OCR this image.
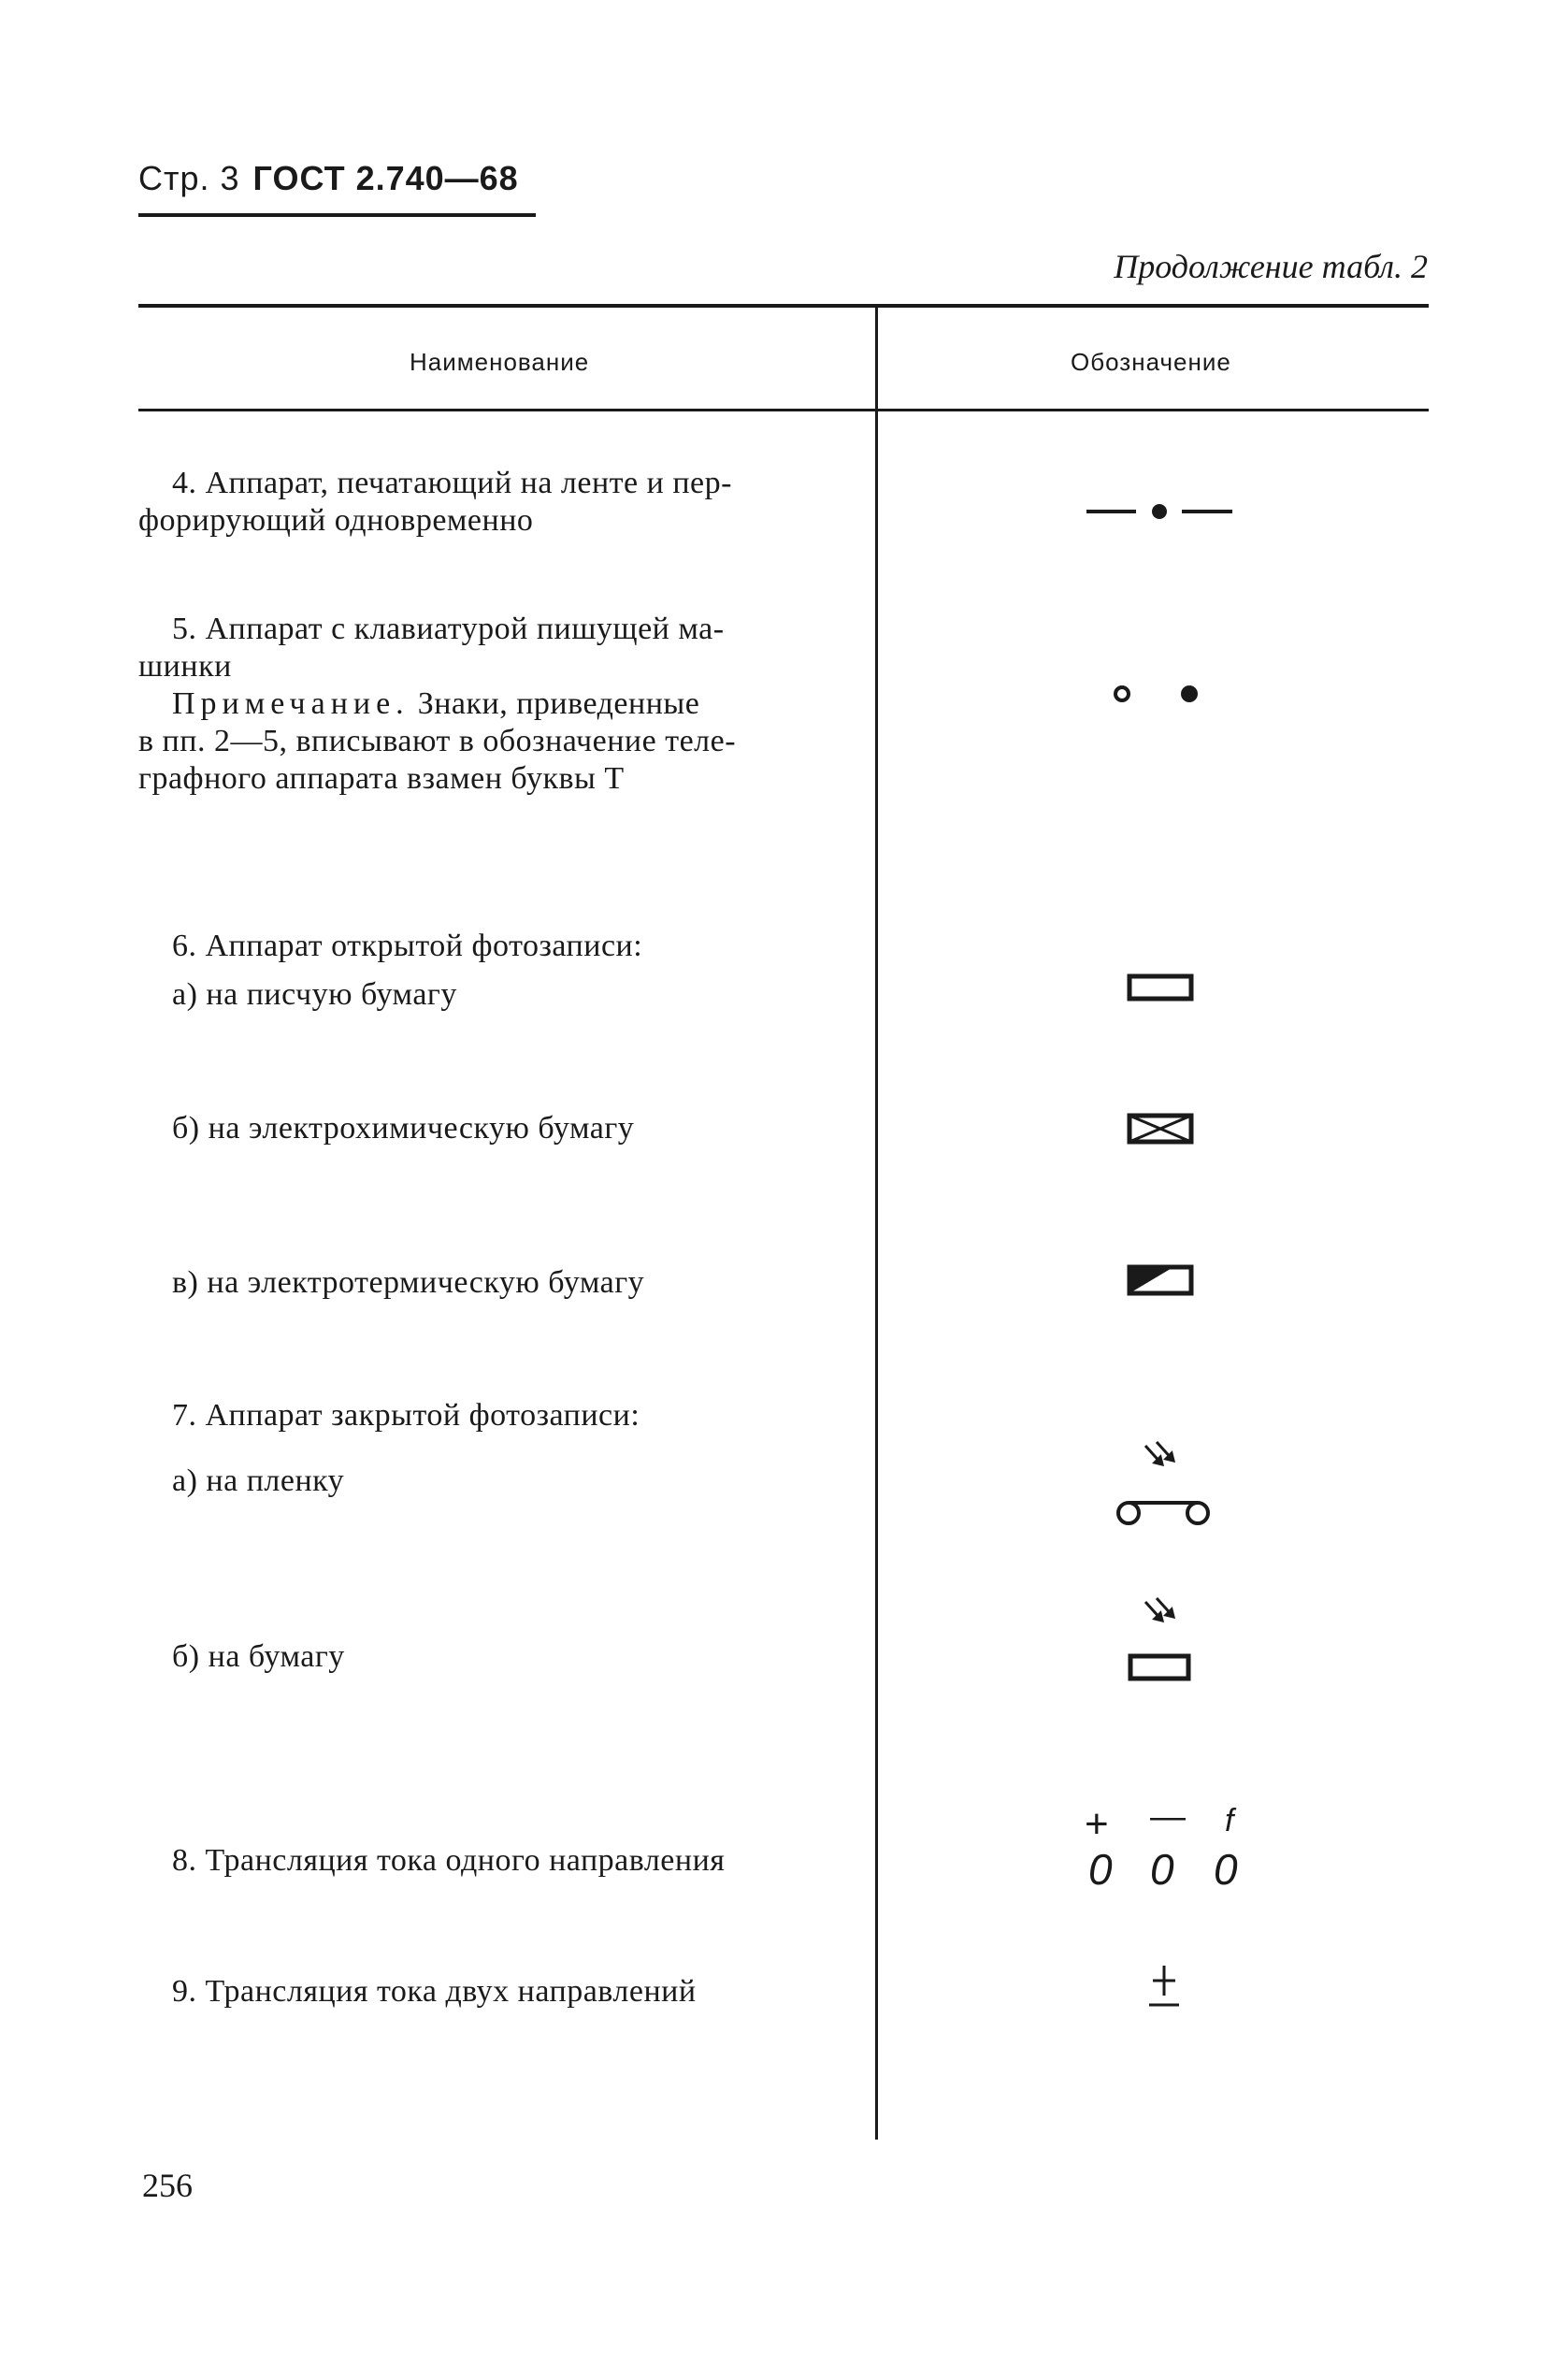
Стр. 3 ГОСТ 2.740—68
Продолжение табл. 2
Наименование	Обозначение
4. Аппарат, печатающий на ленте и пер-
форирующий одновременно
5. Аппарат с клавиатурой пишущей ма-
шинки
Примечание. Знаки, приведенные
в пп. 2—5, вписывают в обозначение теле-
графного аппарата взамен буквы Т
6. Аппарат открытой фотозаписи:
а) на писчую бумагу
б) на электрохимическую бумагу
в) на электротермическую бумагу
7. Аппарат закрытой фотозаписи:
а) на пленку
б) на бумагу
8. Трансляция тока одного направления
+ — f
0 0 0
9. Трансляция тока двух направлений
256
